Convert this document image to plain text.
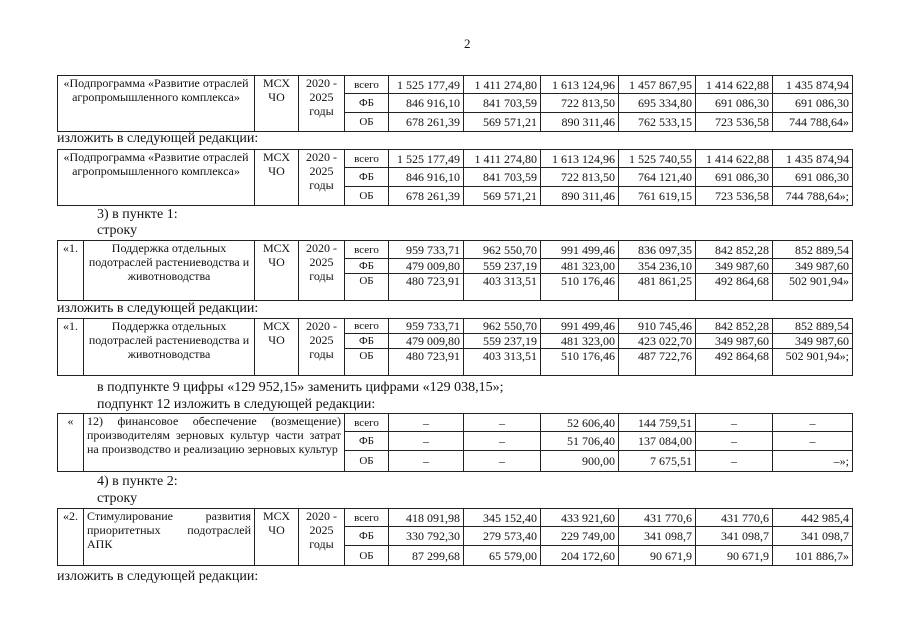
2
«Подпрограмма «Развитие отраслей агропромышленного комплекса»	МСХ ЧО	2020 - 2025 годы	всего	1 525 177,49	1 411 274,80	1 613 124,96	1 457 867,95	1 414 622,88	1 435 874,94
			ФБ	846 916,10	841 703,59	722 813,50	695 334,80	691 086,30	691 086,30
			ОБ	678 261,39	569 571,21	890 311,46	762 533,15	723 536,58	744 788,64»
изложить в следующей редакции:
«Подпрограмма «Развитие отраслей агропромышленного комплекса»	МСХ ЧО	2020 - 2025 годы	всего	1 525 177,49	1 411 274,80	1 613 124,96	1 525 740,55	1 414 622,88	1 435 874,94
			ФБ	846 916,10	841 703,59	722 813,50	764 121,40	691 086,30	691 086,30
			ОБ	678 261,39	569 571,21	890 311,46	761 619,15	723 536,58	744 788,64»;
3) в пункте 1:
строку
«1.	Поддержка отдельных подотраслей растениеводства и животноводства	МСХ ЧО	2020 - 2025 годы	всего	959 733,71	962 550,70	991 499,46	836 097,35	842 852,28	852 889,54
				ФБ	479 009,80	559 237,19	481 323,00	354 236,10	349 987,60	349 987,60
				ОБ	480 723,91	403 313,51	510 176,46	481 861,25	492 864,68	502 901,94»
изложить в следующей редакции:
«1.	Поддержка отдельных подотраслей растениеводства и животноводства	МСХ ЧО	2020 - 2025 годы	всего	959 733,71	962 550,70	991 499,46	910 745,46	842 852,28	852 889,54
				ФБ	479 009,80	559 237,19	481 323,00	423 022,70	349 987,60	349 987,60
				ОБ	480 723,91	403 313,51	510 176,46	487 722,76	492 864,68	502 901,94»;
в подпункте 9 цифры «129 952,15» заменить цифрами «129 038,15»;
подпункт 12 изложить в следующей редакции:
«	12) финансовое обеспечение (возмещение) производителям зерновых культур части затрат на производство и реализацию зерновых культур	всего	–	–	52 606,40	144 759,51	–	–
		ФБ	–	–	51 706,40	137 084,00	–	–
		ОБ	–	–	900,00	7 675,51	–	–»;
4) в пункте 2:
строку
«2.	Стимулирование развития приоритетных подотраслей АПК	МСХ ЧО	2020 - 2025 годы	всего	418 091,98	345 152,40	433 921,60	431 770,6	431 770,6	442 985,4
				ФБ	330 792,30	279 573,40	229 749,00	341 098,7	341 098,7	341 098,7
				ОБ	87 299,68	65 579,00	204 172,60	90 671,9	90 671,9	101 886,7»
изложить в следующей редакции:
